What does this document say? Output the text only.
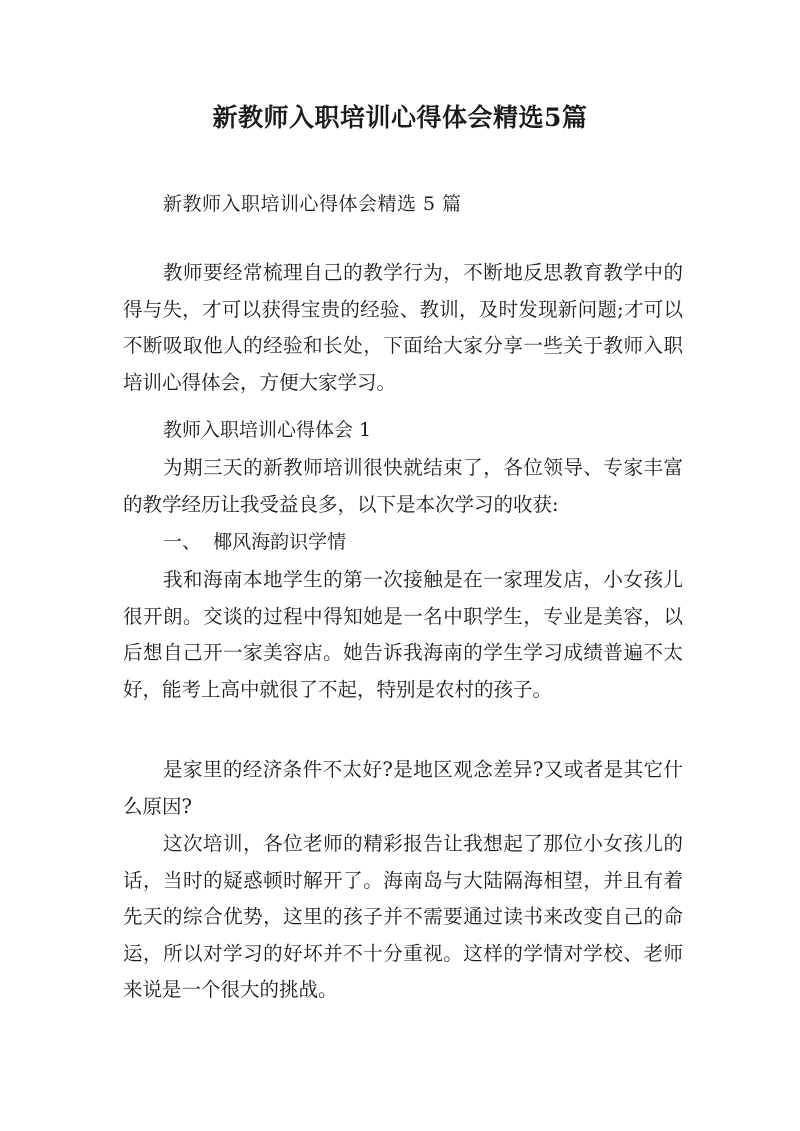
新教师入职培训心得体会精选5篇
新教师入职培训心得体会精选 5 篇

教师要经常梳理自己的教学行为，不断地反思教育教学中的得与失，才可以获得宝贵的经验、教训，及时发现新问题;才可以不断吸取他人的经验和长处，下面给大家分享一些关于教师入职培训心得体会，方便大家学习。

教师入职培训心得体会 1

为期三天的新教师培训很快就结束了，各位领导、专家丰富的教学经历让我受益良多，以下是本次学习的收获:

一、  椰风海韵识学情

我和海南本地学生的第一次接触是在一家理发店，小女孩儿很开朗。交谈的过程中得知她是一名中职学生，专业是美容，以后想自己开一家美容店。她告诉我海南的学生学习成绩普遍不太好，能考上高中就很了不起，特别是农村的孩子。

是家里的经济条件不太好?是地区观念差异?又或者是其它什么原因?

这次培训，各位老师的精彩报告让我想起了那位小女孩儿的话，当时的疑惑顿时解开了。海南岛与大陆隔海相望，并且有着先天的综合优势，这里的孩子并不需要通过读书来改变自己的命运，所以对学习的好坏并不十分重视。这样的学情对学校、老师来说是一个很大的挑战。
